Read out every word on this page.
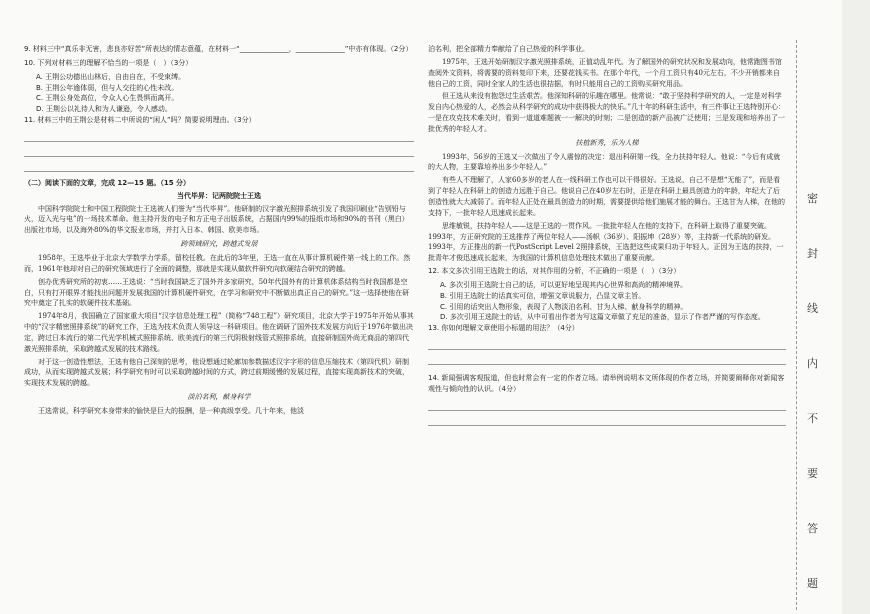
9. 材料三中“真乐非无害，悲良亦好苦”所表达的情志意蕴，在材料一“______________，______________”中亦有体现。（2分）

10. 下列对材料三的理解不恰当的一项是（　）（3分）

A. 王荆公功德出山林后，自由自在，不受束缚。

B. 王荆公年逾体弱，但与人交往的心性未改。

C. 王荆公身处高位，令众人心生畏惧而离开。

D. 王荆公以礼待人和为人谦逊，令人感动。

11. 材料三中的王荆公是材料二中所说的“闲人”吗？简要说明理由。（3分）

（二）阅读下面的文章，完成 12—15 题。（15 分）

当代毕昇：记两院院士王选

中国科学院院士和中国工程院院士王选被人们誉为“当代毕昇”。他研制的汉字激光照排系统引发了我国印刷业“告别铅与火，迈入光与电”的一场技术革命。他主持开发的电子和方正电子出版系统，占据国内99%的报纸市场和90%的书刊（黑白）出版社市场，以及海外80%的华文报业市场，并打入日本、韩国、欧美市场。

跨领域研究，跨越式发展

1958年，王选毕业于北京大学数学力学系，留校任教。在此后的3年里，王选一直在从事计算机硬件第一线上的工作。然而，1961年他却对自己的研究领域进行了全面的调整，那就是实现从做软件研究向软硬结合研究的跨越。

创办优秀研究所的初衷……王选说：“当时我国缺乏了国外并多家研究，50年代国外有的计算机体系结构当时我国都是空白，只有打开眼界才能找出问题并发展我国的计算机硬件研究，在学习和研究中不断做出真正自己的研究。”这一选择使他在研究中奠定了扎实的软硬件技术基础。

1974年8月，我国确立了国家重大项目“汉字信息处理工程”（简称“748工程”）研究项目，北京大学于1975年开始从事其中的“汉字精密照排系统”的研究工作，王选为技术负责人领导这一科研项目。他在调研了国外技术发展方向后于1976年做出决定，跨过日本流行的第二代光学机械式照排系统、欧美流行的第三代阴极射线管式照排系统，直接研制国外尚无商品的第四代激光照排系统，采取跨越式发展的技术路线。

对于这一创造性想法，王选有他自己深刻的思考，他设想通过轮廓加参数描述汉字字形的信息压缩技术（第四代机）研制成功，从而实现跨越式发展；科学研究有时可以采取跨越时间的方式，跨过前期缓慢的发展过程，直接实现高新技术的突破，实现技术发展的跨越。

淡泊名利，献身科学

王选常说，科学研究本身带来的愉快是巨大的报酬，是一种高级享受。几十年来，他淡

泊名利，把全部精力奉献给了自己热爱的科学事业。

1975年，王选开始研制汉字激光照排系统，正值动乱年代。为了解国外的研究状况和发展动向，他常跑图书馆查阅外文资料，将需要的资料复印下来，还要花钱买书。在那个年代，一个月工资只有40元左右，不少开销都来自他自己的工资，同时全家人的生活也很拮据，有时只能用自己的工资购买研究用品。

但王选从来没有抱怨过生活艰苦。他深知科研的乐趣在哪里。他常说：“敢于坚持科学研究的人，一定是对科学发自内心热爱的人，必然会从科学研究的成功中获得极大的快乐。”几十年的科研生活中，有三件事让王选特别开心：一是在攻克技术难关时，看到一道道难题被一一解决的时刻；二是创造的新产品被广泛使用；三是发现和培养出了一批优秀的年轻人才。

扶植新秀，乐为人梯

1993年，56岁的王选又一次做出了令人震惊的决定：退出科研第一线，全力扶持年轻人。他说：“今后有成就的大人物，主要靠培养出多少年轻人。”

有些人不理解了，人家60多岁的老人在一线科研工作也可以干得很好。王选说，自己不是想“无能了”，而是看到了年轻人在科研上的创造力远胜于自己。他说自己在40岁左右时，正是在科研上最具创造力的年龄，年纪大了后创造性就大大减弱了。而年轻人正处在最具创造力的时期，需要提供给他们施展才能的舞台。王选甘为人梯，在他的支持下，一批年轻人迅速成长起来。

思维敏锐，扶持年轻人——这是王选的一贯作风。一批批年轻人在他的支持下，在科研上取得了重要突破。1993年，方正研究院的王选推荐了两位年轻人——汤帜（36岁）、阳振坤（28岁）等，主持新一代系统的研发。1993年，方正推出的新一代PostScript Level 2照排系统，王选把这些成果归功于年轻人。正因为王选的扶持，一批青年才俊迅速成长起来，为我国的计算机信息处理技术做出了重要贡献。

12. 本文多次引用王选院士的话，对其作用的分析，不正确的一项是（　）（3分）

A. 多次引用王选院士自己的话，可以更好地呈现其内心世界和高尚的精神境界。

B. 引用王选院士的话真实可信，增强文章说服力，凸显文章主旨。

C. 引用的话突出人物形象，表现了人物淡泊名利、甘为人梯、献身科学的精神。

D. 多次引用王选院士的话，从中可看出作者为写这篇文章做了充足的准备，显示了作者严谨的写作态度。

13. 你如何理解文章使用小标题的用法？（4分）

14. 新闻强调客观报道，但也时常会有一定的作者立场。请举例说明本文所体现的作者立场，并简要阐释你对新闻客观性与倾向性的认识。（4分）

密
封
线
内
不
要
答
题
